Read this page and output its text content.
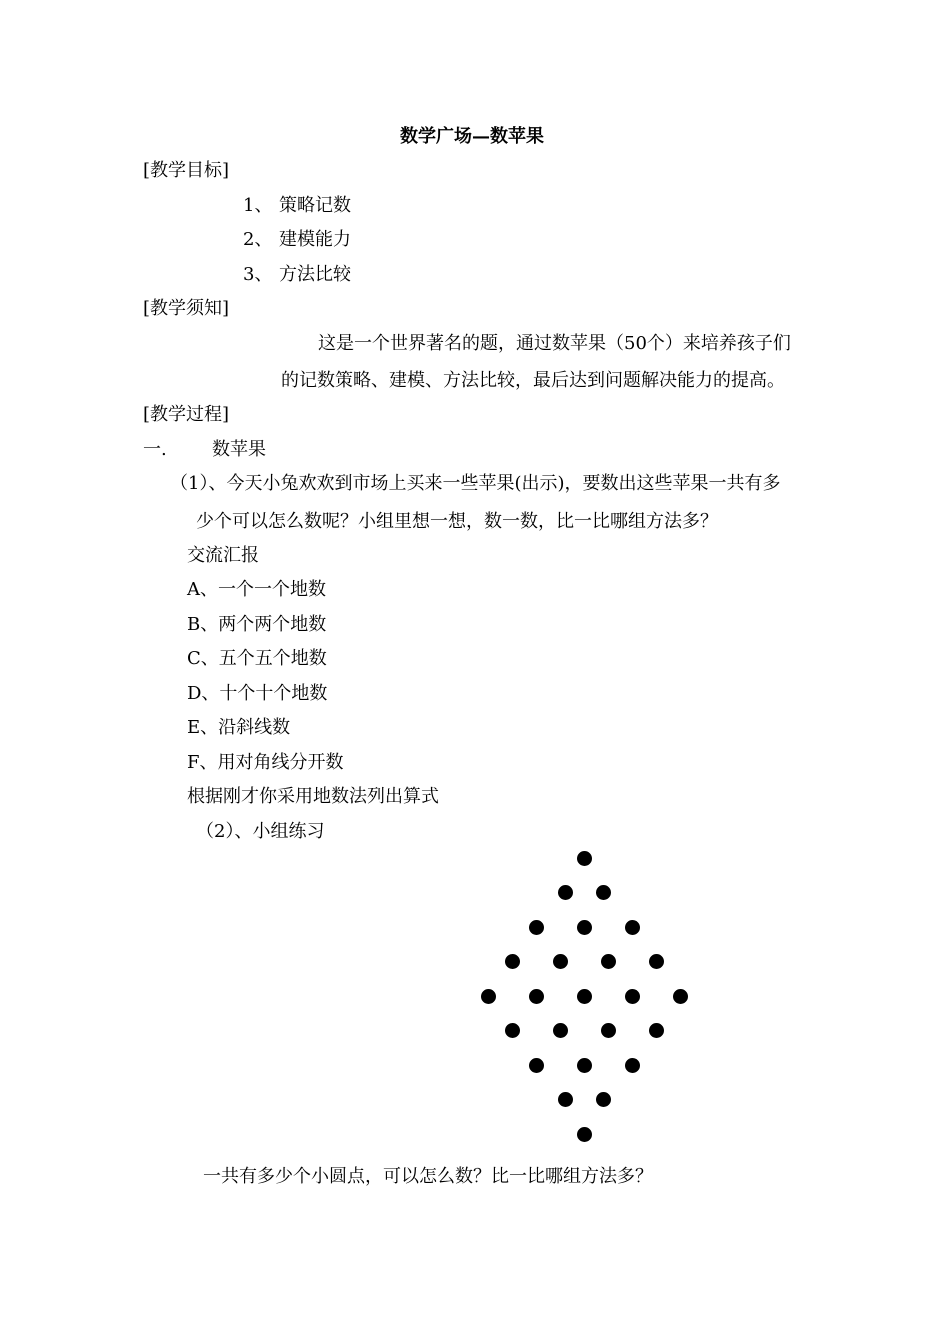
数学广场—数苹果
[教学目标]
1、 策略记数
2、 建模能力
3、 方法比较
[教学须知]
这是一个世界著名的题，通过数苹果（50个）来培养孩子们
的记数策略、建模、方法比较，最后达到问题解决能力的提高。
[教学过程]
一.	数苹果
（1）、今天小兔欢欢到市场上买来一些苹果(出示)，要数出这些苹果一共有多
少个可以怎么数呢？小组里想一想，数一数，比一比哪组方法多？
交流汇报
A、一个一个地数
B、两个两个地数
C、五个五个地数
D、十个十个地数
E、沿斜线数
F、用对角线分开数
根据刚才你采用地数法列出算式
（2）、小组练习
一共有多少个小圆点，可以怎么数？比一比哪组方法多？
